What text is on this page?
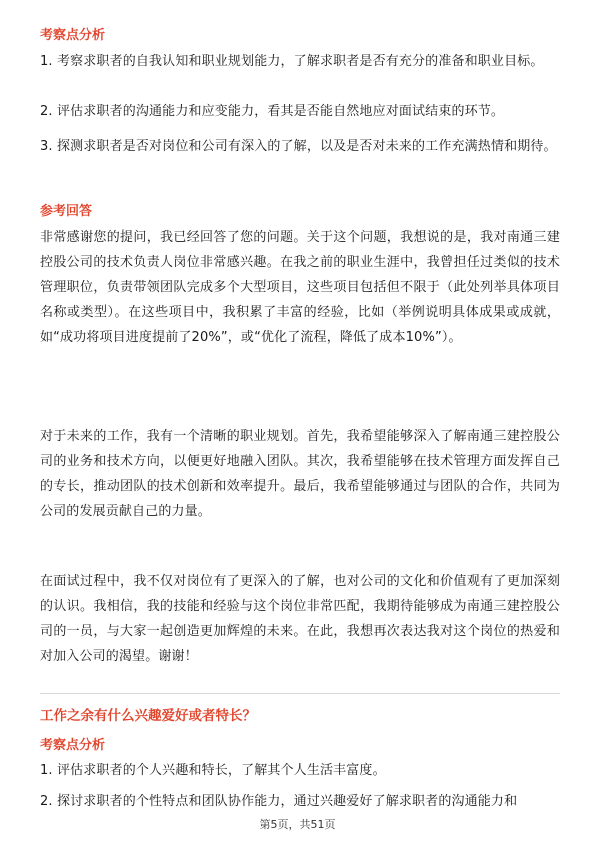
考察点分析

1. 考察求职者的自我认知和职业规划能力，了解求职者是否有充分的准备和职业目标。

2. 评估求职者的沟通能力和应变能力，看其是否能自然地应对面试结束的环节。

3. 探测求职者是否对岗位和公司有深入的了解，以及是否对未来的工作充满热情和期待。

参考回答

非常感谢您的提问，我已经回答了您的问题。关于这个问题，我想说的是，我对南通三建控股公司的技术负责人岗位非常感兴趣。在我之前的职业生涯中，我曾担任过类似的技术管理职位，负责带领团队完成多个大型项目，这些项目包括但不限于（此处列举具体项目名称或类型）。在这些项目中，我积累了丰富的经验，比如（举例说明具体成果或成就，如“成功将项目进度提前了20%”，或“优化了流程，降低了成本10%”）。

对于未来的工作，我有一个清晰的职业规划。首先，我希望能够深入了解南通三建控股公司的业务和技术方向，以便更好地融入团队。其次，我希望能够在技术管理方面发挥自己的专长，推动团队的技术创新和效率提升。最后，我希望能够通过与团队的合作，共同为公司的发展贡献自己的力量。

在面试过程中，我不仅对岗位有了更深入的了解，也对公司的文化和价值观有了更加深刻的认识。我相信，我的技能和经验与这个岗位非常匹配，我期待能够成为南通三建控股公司的一员，与大家一起创造更加辉煌的未来。在此，我想再次表达我对这个岗位的热爱和对加入公司的渴望。谢谢！

工作之余有什么兴趣爱好或者特长？
考察点分析

1. 评估求职者的个人兴趣和特长，了解其个人生活丰富度。

2. 探讨求职者的个性特点和团队协作能力，通过兴趣爱好了解求职者的沟通能力和

第5页，共51页
